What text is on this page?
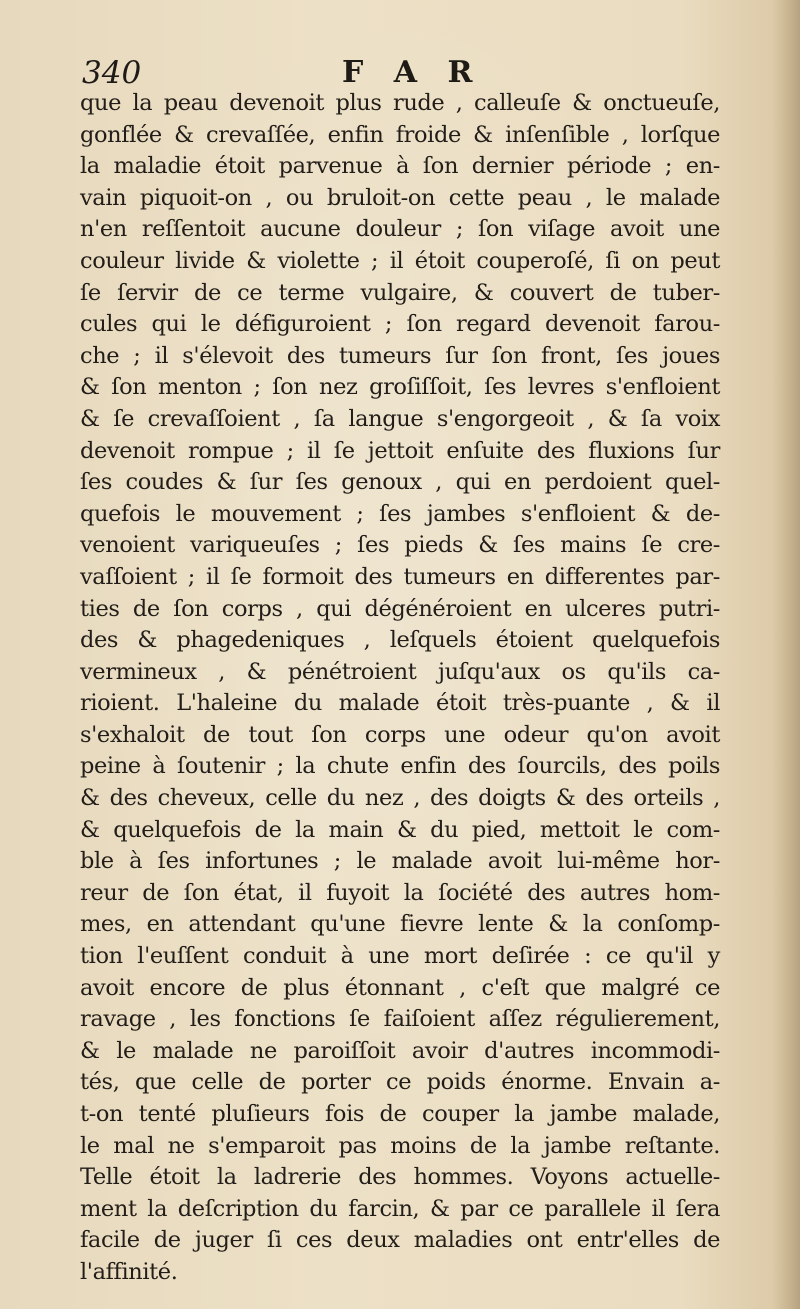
340	F A R
que la peau devenoit plus rude , calleuſe & onctueuſe,
gonflée & crevaſſée, enfin froide & inſenſible , lorſque
la maladie étoit parvenue à ſon dernier période ; en-
vain piquoit-on , ou bruloit-on cette peau , le malade
n'en reſſentoit aucune douleur ; ſon viſage avoit une
couleur livide & violette ; il étoit couperoſé, ſi on peut
ſe ſervir de ce terme vulgaire, & couvert de tuber-
cules qui le défiguroient ; ſon regard devenoit farou-
che ; il s'élevoit des tumeurs ſur ſon front, ſes joues
& ſon menton ; ſon nez groſiſſoit, ſes levres s'enfloient
& ſe crevaſſoient , ſa langue s'engorgeoit , & ſa voix
devenoit rompue ; il ſe jettoit enſuite des fluxions ſur
ſes coudes & ſur ſes genoux , qui en perdoient quel-
quefois le mouvement ; ſes jambes s'enfloient & de-
venoient variqueuſes ; ſes pieds & ſes mains ſe cre-
vaſſoient ; il ſe formoit des tumeurs en differentes par-
ties de ſon corps , qui dégénéroient en ulceres putri-
des & phagedeniques , leſquels étoient quelquefois
vermineux , & pénétroient juſqu'aux os qu'ils ca-
rioient. L'haleine du malade étoit très-puante , & il
s'exhaloit de tout ſon corps une odeur qu'on avoit
peine à ſoutenir ; la chute enfin des ſourcils, des poils
& des cheveux, celle du nez , des doigts & des orteils ,
& quelquefois de la main & du pied, mettoit le com-
ble à ſes infortunes ; le malade avoit lui-même hor-
reur de ſon état, il fuyoit la ſociété des autres hom-
mes, en attendant qu'une fievre lente & la conſomp-
tion l'euſſent conduit à une mort deſirée : ce qu'il y
avoit encore de plus étonnant , c'eſt que malgré ce
ravage , les fonctions ſe faiſoient aſſez régulierement,
& le malade ne paroiſſoit avoir d'autres incommodi-
tés, que celle de porter ce poids énorme. Envain a-
t-on tenté pluſieurs fois de couper la jambe malade,
le mal ne s'emparoit pas moins de la jambe reſtante.
Telle étoit la ladrerie des hommes. Voyons actuelle-
ment la deſcription du farcin, & par ce parallele il ſera
facile de juger ſi ces deux maladies ont entr'elles de
l'affinité.
